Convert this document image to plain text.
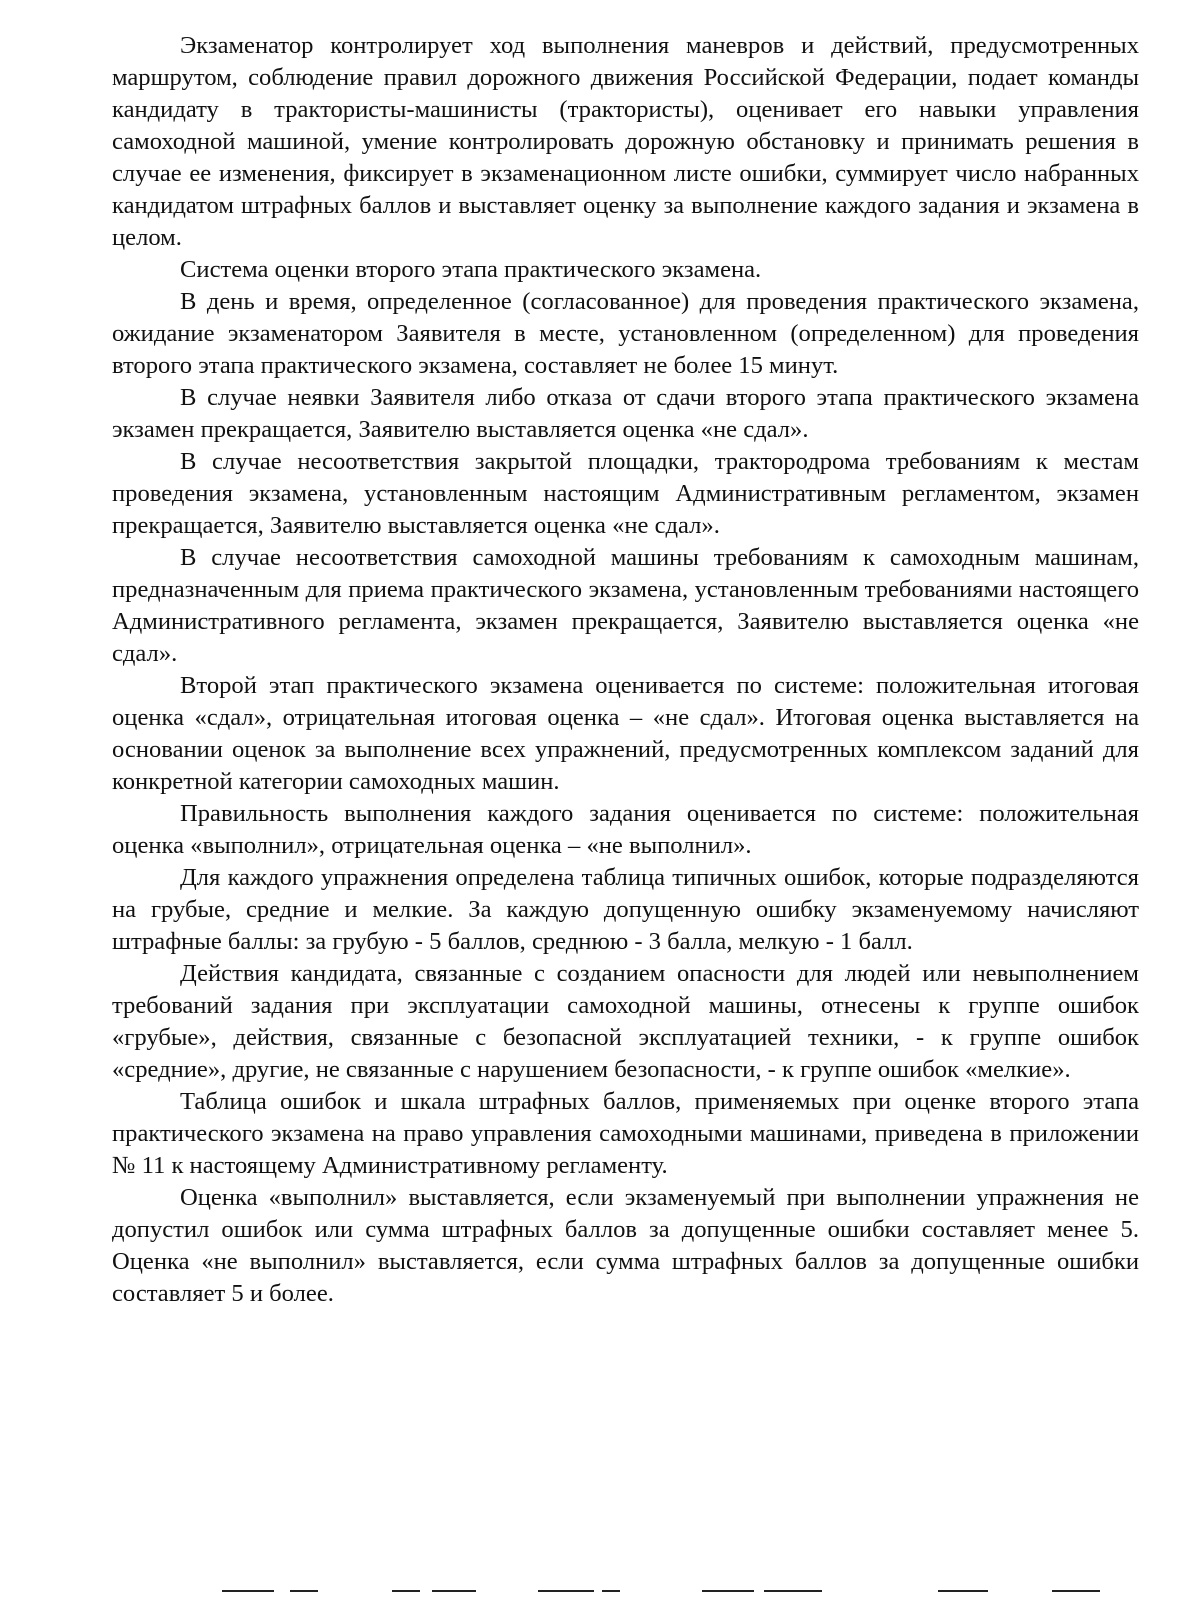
Экзаменатор контролирует ход выполнения маневров и действий, предусмотренных маршрутом, соблюдение правил дорожного движения Российской Федерации, подает команды кандидату в трактористы-машинисты (трактористы), оценивает его навыки управления самоходной машиной, умение контролировать дорожную обстановку и принимать решения в случае ее изменения, фиксирует в экзаменационном листе ошибки, суммирует число набранных кандидатом штрафных баллов и выставляет оценку за выполнение каждого задания и экзамена в целом.

Система оценки второго этапа практического экзамена.

В день и время, определенное (согласованное) для проведения практического экзамена, ожидание экзаменатором Заявителя в месте, установленном (определенном) для проведения второго этапа практического экзамена, составляет не более 15 минут.

В случае неявки Заявителя либо отказа от сдачи второго этапа практического экзамена экзамен прекращается, Заявителю выставляется оценка «не сдал».

В случае несоответствия закрытой площадки, трактородрома требованиям к местам проведения экзамена, установленным настоящим Административным регламентом, экзамен прекращается, Заявителю выставляется оценка «не сдал».

В случае несоответствия самоходной машины требованиям к самоходным машинам, предназначенным для приема практического экзамена, установленным требованиями настоящего Административного регламента, экзамен прекращается, Заявителю выставляется оценка «не сдал».

Второй этап практического экзамена оценивается по системе: положительная итоговая оценка «сдал», отрицательная итоговая оценка – «не сдал». Итоговая оценка выставляется на основании оценок за выполнение всех упражнений, предусмотренных комплексом заданий для конкретной категории самоходных машин.

Правильность выполнения каждого задания оценивается по системе: положительная оценка «выполнил», отрицательная оценка – «не выполнил».

Для каждого упражнения определена таблица типичных ошибок, которые подразделяются на грубые, средние и мелкие. За каждую допущенную ошибку экзаменуемому начисляют штрафные баллы: за грубую - 5 баллов, среднюю - 3 балла, мелкую - 1 балл.

Действия кандидата, связанные с созданием опасности для людей или невыполнением требований задания при эксплуатации самоходной машины, отнесены к группе ошибок «грубые», действия, связанные с безопасной эксплуатацией техники, - к группе ошибок «средние», другие, не связанные с нарушением безопасности, - к группе ошибок «мелкие».

Таблица ошибок и шкала штрафных баллов, применяемых при оценке второго этапа практического экзамена на право управления самоходными машинами, приведена в приложении № 11 к настоящему Административному регламенту.

Оценка «выполнил» выставляется, если экзаменуемый при выполнении упражнения не допустил ошибок или сумма штрафных баллов за допущенные ошибки составляет менее 5. Оценка «не выполнил» выставляется, если сумма штрафных баллов за допущенные ошибки составляет 5 и более.
